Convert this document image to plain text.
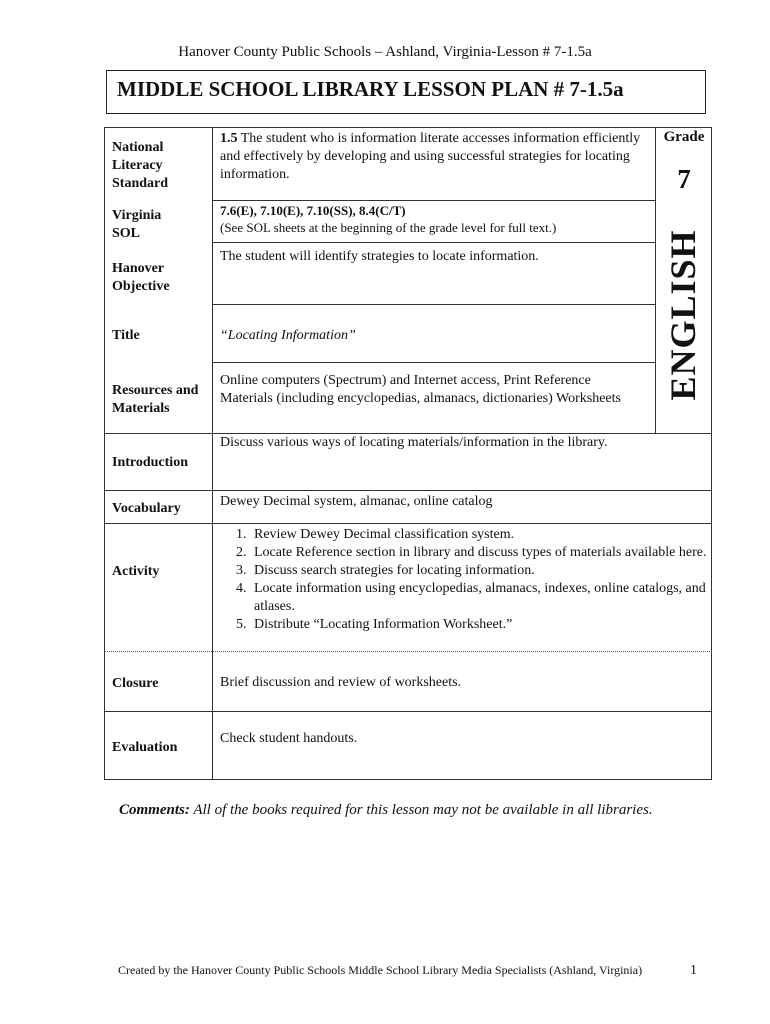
Hanover County Public Schools – Ashland, Virginia-Lesson # 7-1.5a
MIDDLE SCHOOL LIBRARY LESSON PLAN # 7-1.5a
National Literacy Standard
Virginia SOL
Hanover Objective
Title
Resources and Materials
Introduction
Vocabulary
Activity
Closure
Evaluation
1.5 The student who is information literate accesses information efficiently and effectively by developing and using successful strategies for locating information.
7.6(E), 7.10(E), 7.10(SS), 8.4(C/T)
(See SOL sheets at the beginning of the grade level for full text.)
The student will identify strategies to locate information.
“Locating Information”
Online computers (Spectrum) and Internet access, Print Reference Materials (including encyclopedias, almanacs, dictionaries) Worksheets
Discuss various ways of locating materials/information in the library.
Dewey Decimal system, almanac, online catalog
1. Review Dewey Decimal classification system.
2. Locate Reference section in library and discuss types of materials available here.
3. Discuss search strategies for locating information.
4. Locate information using encyclopedias, almanacs, indexes, online catalogs, and atlases.
5. Distribute “Locating Information Worksheet.”
Brief discussion and review of worksheets.
Check student handouts.
Grade
7
ENGLISH
Comments: All of the books required for this lesson may not be available in all libraries.
Created by the Hanover County Public Schools Middle School Library Media Specialists (Ashland, Virginia)	1
